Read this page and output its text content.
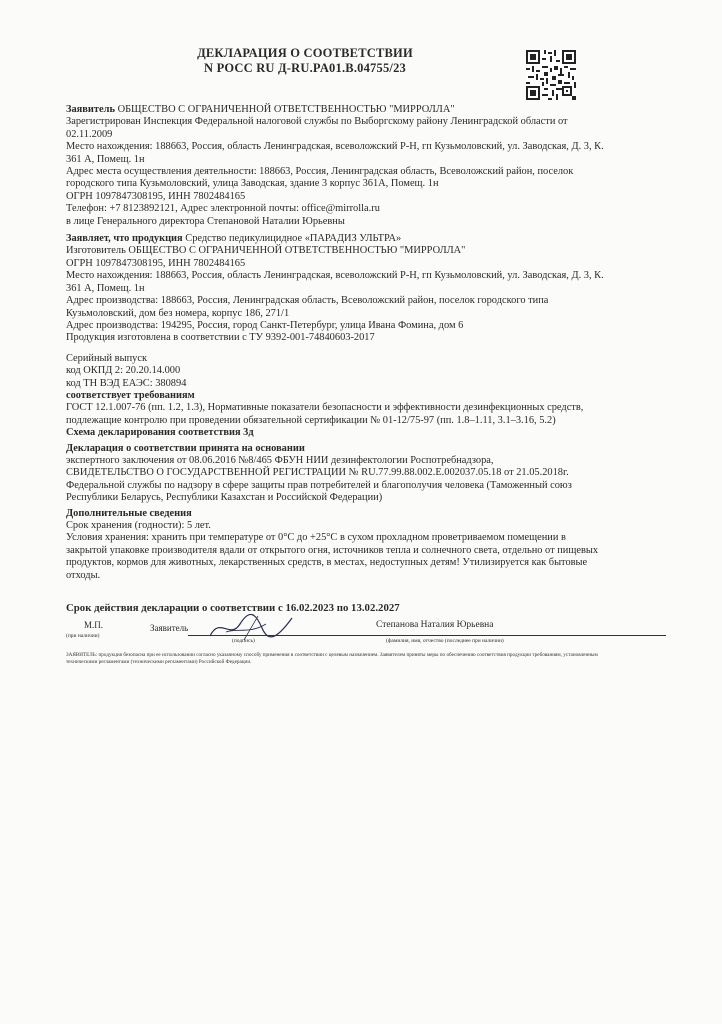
ДЕКЛАРАЦИЯ О СООТВЕТСТВИИ
N РОСС RU Д-RU.PA01.B.04755/23

Заявитель ОБЩЕСТВО С ОГРАНИЧЕННОЙ ОТВЕТСТВЕННОСТЬЮ "МИРРОЛЛА"

Зарегистрирован Инспекция Федеральной налоговой службы по Выборгскому району Ленинградской области от 02.11.2009

Место нахождения: 188663, Россия, область Ленинградская, всеволожский Р-Н, гп Кузьмоловский, ул. Заводская, Д. 3, К. 361 А, Помещ. 1н

Адрес места осуществления деятельности: 188663, Россия, Ленинградская область, Всеволожский район, поселок городского типа Кузьмоловский, улица Заводская, здание 3 корпус 361А, Помещ. 1н

ОГРН 1097847308195, ИНН 7802484165

Телефон: +7 8123892121, Адрес электронной почты: office@mirrolla.ru

в лице Генерального директора Степановой Наталии Юрьевны

Заявляет, что продукция Средство педикулицидное «ПАРАДИЗ УЛЬТРА»

Изготовитель ОБЩЕСТВО С ОГРАНИЧЕННОЙ ОТВЕТСТВЕННОСТЬЮ "МИРРОЛЛА"

ОГРН 1097847308195, ИНН 7802484165

Место нахождения: 188663, Россия, область Ленинградская, всеволожский Р-Н, гп Кузьмоловский, ул. Заводская, Д. 3, К. 361 А, Помещ. 1н

Адрес производства: 188663, Россия, Ленинградская область, Всеволожский район, поселок городского типа Кузьмоловский, дом без номера, корпус 186, 271/1

Адрес производства: 194295, Россия, город Санкт-Петербург, улица Ивана Фомина, дом 6

Продукция изготовлена в соответствии с ТУ 9392-001-74840603-2017

Серийный выпуск

код ОКПД 2: 20.20.14.000

код ТН ВЭД ЕАЭС: 380894

соответствует требованиям

ГОСТ 12.1.007-76 (пп. 1.2, 1.3), Нормативные показатели безопасности и эффективности дезинфекционных средств, подлежащие контролю при проведении обязательной сертификации № 01-12/75-97 (пп. 1.8–1.11, 3.1–3.16, 5.2)

Схема декларирования соответствия 3д

Декларация о соответствии принята на основании

экспертного заключения от 08.06.2016 №8/465 ФБУН НИИ дезинфектологии Роспотребнадзора,

СВИДЕТЕЛЬСТВО О ГОСУДАРСТВЕННОЙ РЕГИСТРАЦИИ № RU.77.99.88.002.Е.002037.05.18 от 21.05.2018г. Федеральной службы по надзору в сфере защиты прав потребителей и благополучия человека (Таможенный союз Республики Беларусь, Республики Казахстан и Российской Федерации)

Дополнительные сведения

Срок хранения (годности): 5 лет.

Условия хранения: хранить при температуре от 0°С до +25°С в сухом прохладном проветриваемом помещении в закрытой упаковке производителя вдали от открытого огня, источников тепла и солнечного света, отдельно от пищевых продуктов, кормов для животных, лекарственных средств, в местах, недоступных детям! Утилизируется как бытовые отходы.

Срок действия декларации о соответствии с 16.02.2023 по 13.02.2027
М.П.
(при наличии)
Заявитель
(подпись)
Степанова Наталия Юрьевна
(фамилия, имя, отчество (последнее при наличии)
ЗАЯВИТЕЛЬ: продукция безопасна при ее использовании согласно указанному способу применения в соответствии с целевым назначением. Заявителем приняты меры по обеспечению соответствия продукции требованиям, установленным техническими регламентами (техническими регламентами) Российской Федерации.
